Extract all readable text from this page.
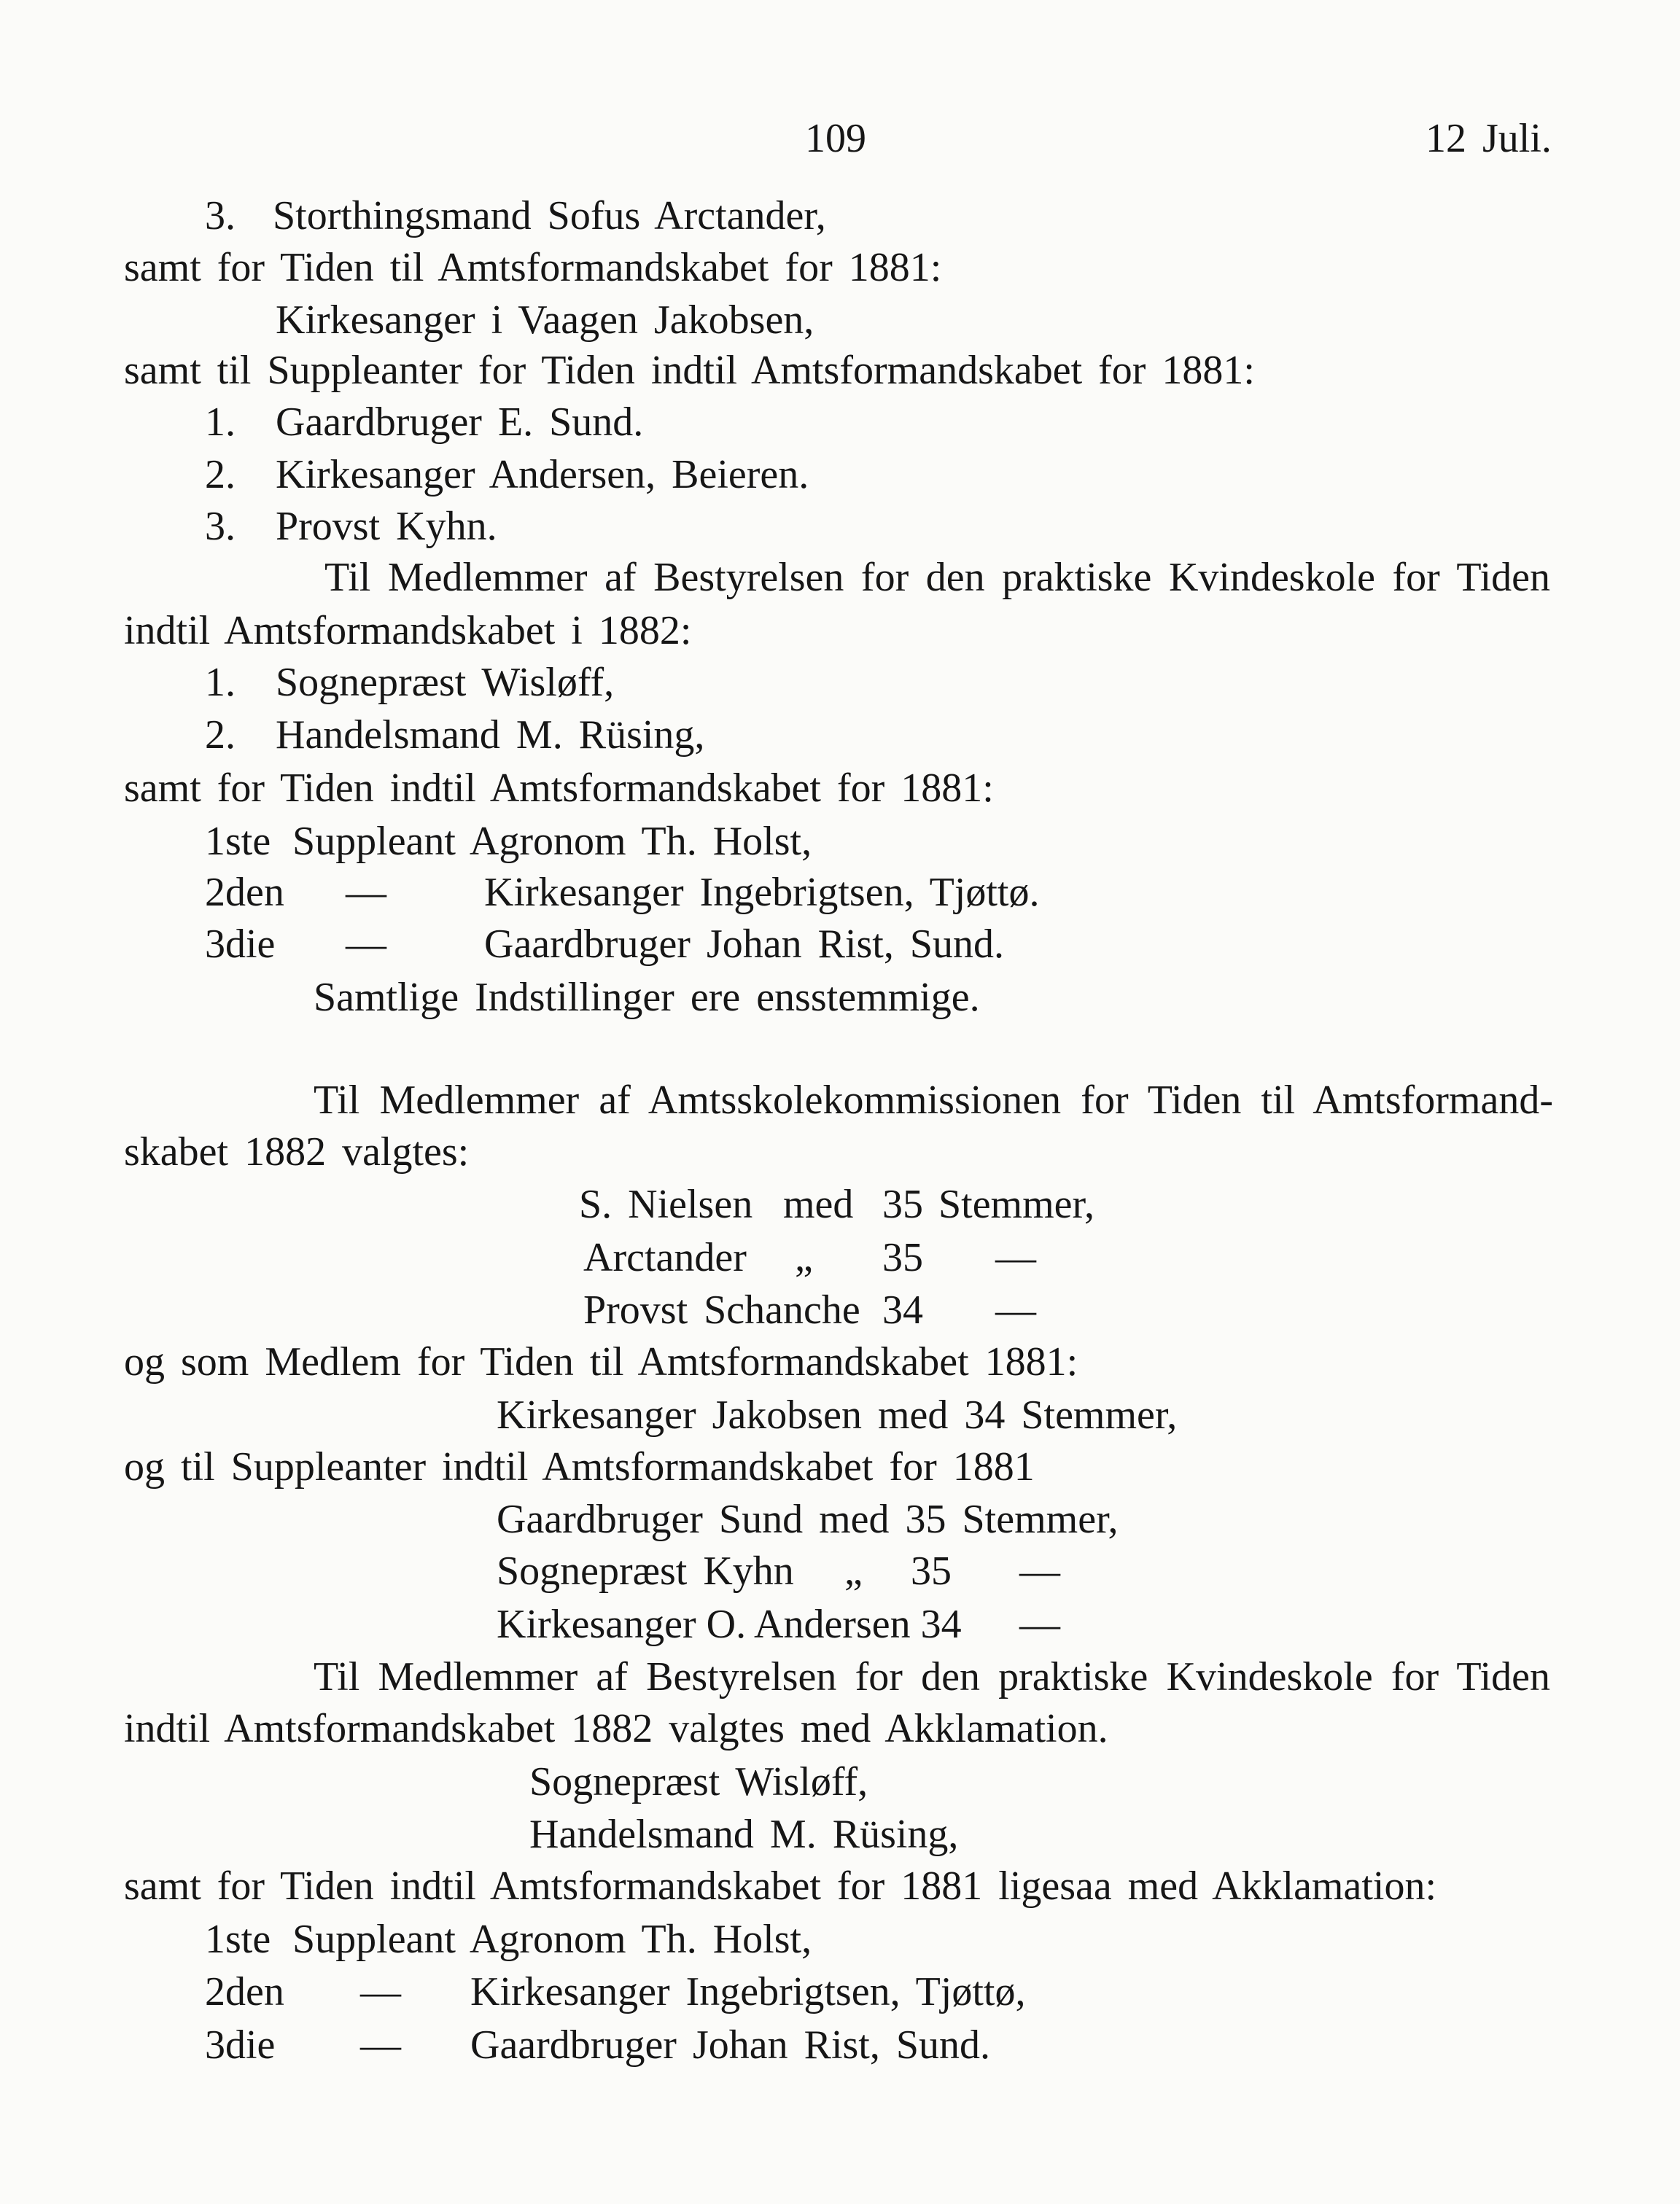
109	12 Juli.
3. Storthingsmand Sofus Arctander,
samt for Tiden til Amtsformandskabet for 1881:
Kirkesanger i Vaagen Jakobsen,
samt til Suppleanter for Tiden indtil Amtsformandskabet for 1881:
1. Gaardbruger E. Sund.
2. Kirkesanger Andersen, Beieren.
3. Provst Kyhn.
Til Medlemmer af Bestyrelsen for den praktiske Kvindeskole for Tiden
indtil Amtsformandskabet i 1882:
1. Sognepræst Wisløff,
2. Handelsmand M. Rüsing,
samt for Tiden indtil Amtsformandskabet for 1881:
1ste Suppleant Agronom Th. Holst,
2den — Kirkesanger Ingebrigtsen, Tjøttø.
3die — Gaardbruger Johan Rist, Sund.
Samtlige Indstillinger ere ensstemmige.
Til Medlemmer af Amtsskolekommissionen for Tiden til Amtsformand-
skabet 1882 valgtes:
S. Nielsen med 35 Stemmer,
Arctander „ 35 —
Provst Schanche 34 —
og som Medlem for Tiden til Amtsformandskabet 1881:
Kirkesanger Jakobsen med 34 Stemmer,
og til Suppleanter indtil Amtsformandskabet for 1881
Gaardbruger Sund med 35 Stemmer,
Sognepræst Kyhn „ 35 —
Kirkesanger O. Andersen 34 —
Til Medlemmer af Bestyrelsen for den praktiske Kvindeskole for Tiden
indtil Amtsformandskabet 1882 valgtes med Akklamation.
Sognepræst Wisløff,
Handelsmand M. Rüsing,
samt for Tiden indtil Amtsformandskabet for 1881 ligesaa med Akklamation:
1ste Suppleant Agronom Th. Holst,
2den — Kirkesanger Ingebrigtsen, Tjøttø,
3die — Gaardbruger Johan Rist, Sund.
